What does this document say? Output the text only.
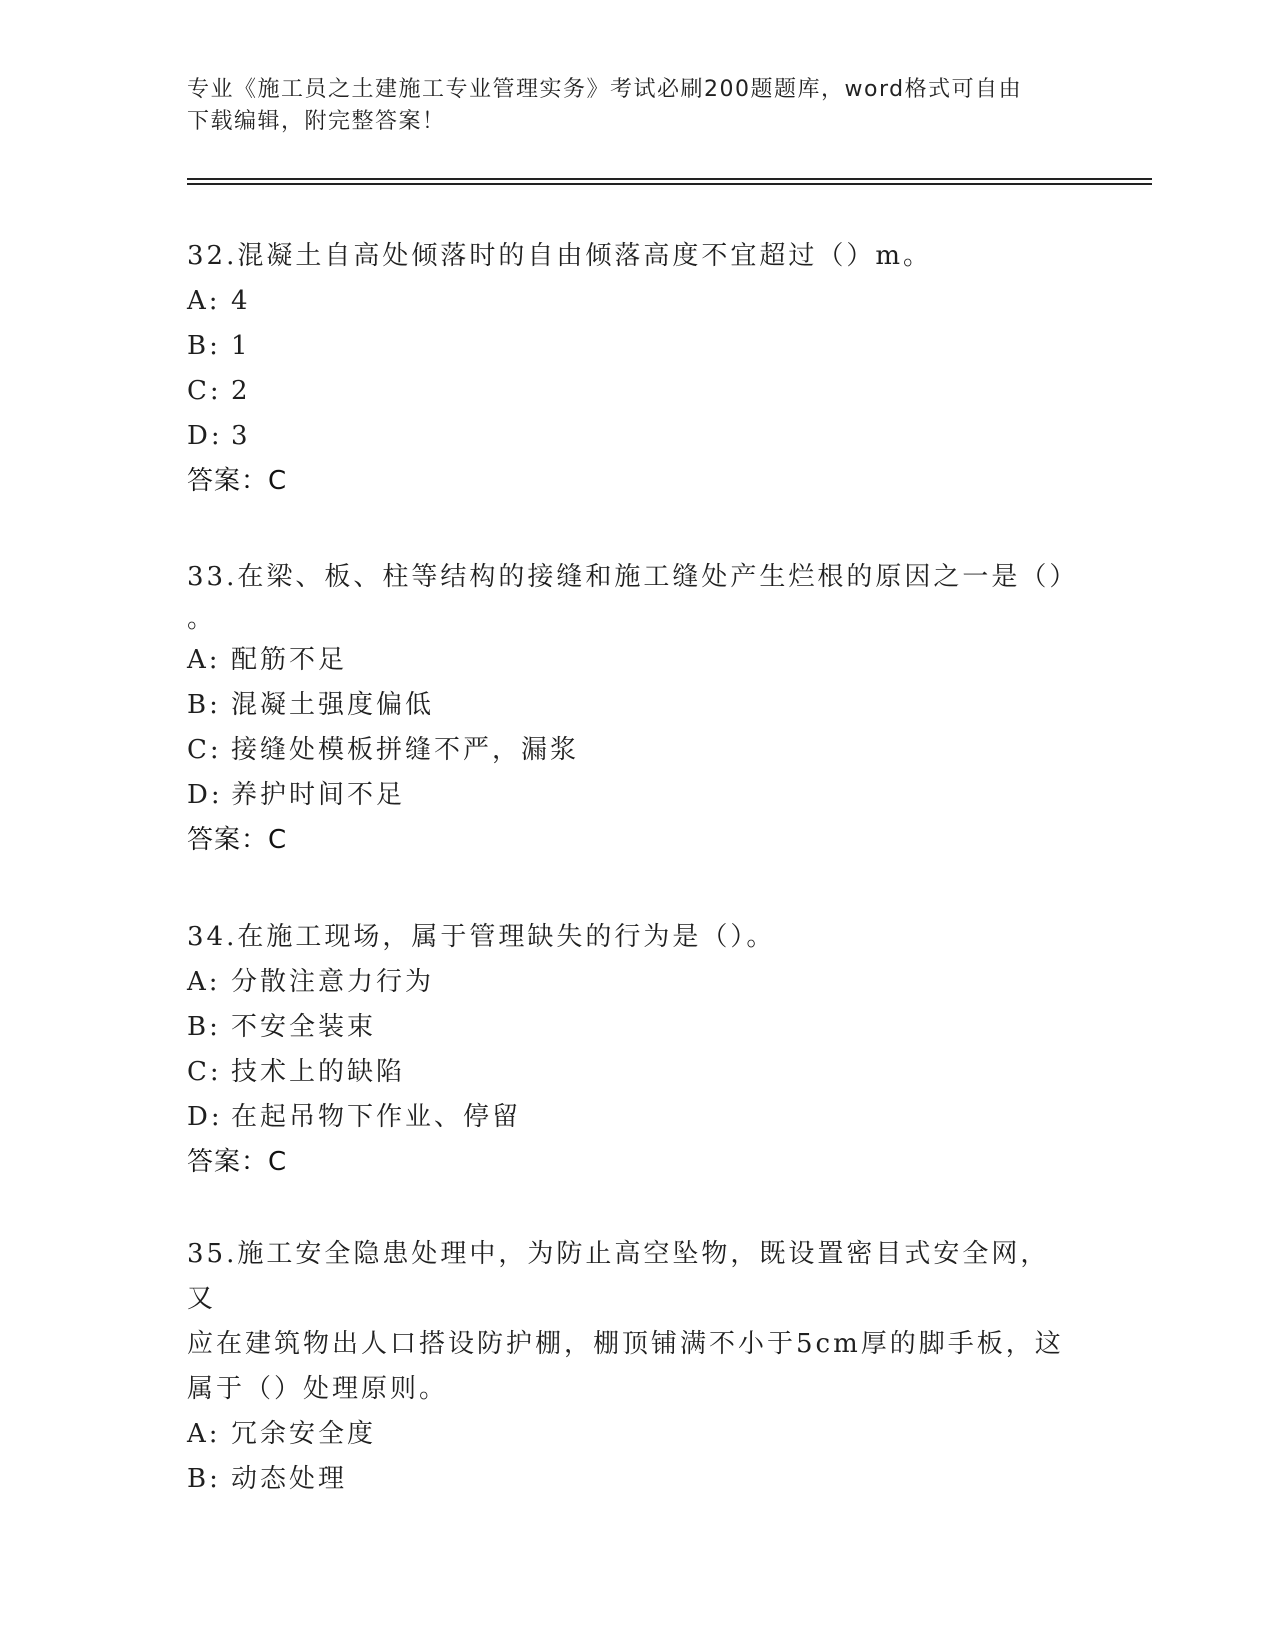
专业《施工员之土建施工专业管理实务》考试必刷200题题库，word格式可自由
下载编辑，附完整答案！

32.混凝土自高处倾落时的自由倾落高度不宜超过（）m。

A: 4

B: 1

C: 2

D: 3

答案：C

33.在梁、板、柱等结构的接缝和施工缝处产生烂根的原因之一是（）

。

A: 配筋不足

B: 混凝土强度偏低

C: 接缝处模板拼缝不严，漏浆

D: 养护时间不足

答案：C

34.在施工现场，属于管理缺失的行为是（）。

A: 分散注意力行为

B: 不安全装束

C: 技术上的缺陷

D: 在起吊物下作业、停留

答案：C

35.施工安全隐患处理中，为防止高空坠物，既设置密目式安全网，又

应在建筑物出人口搭设防护棚，棚顶铺满不小于5cm厚的脚手板，这

属于（）处理原则。

A: 冗余安全度

B: 动态处理
